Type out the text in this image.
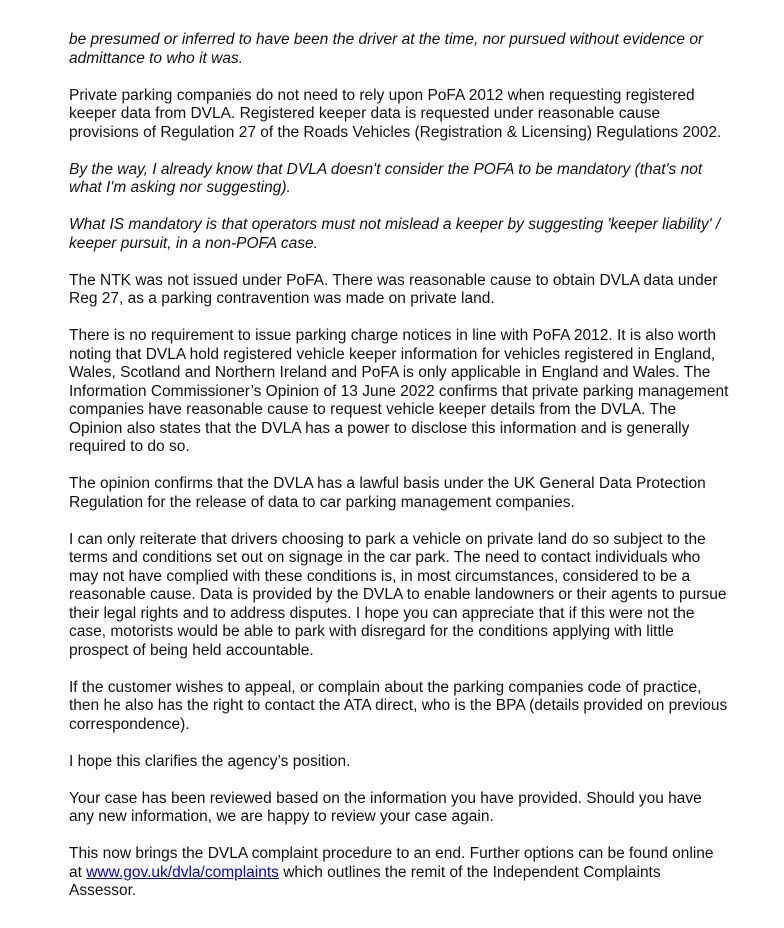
be presumed or inferred to have been the driver at the time, nor pursued without evidence or admittance to who it was.

Private parking companies do not need to rely upon PoFA 2012 when requesting registered keeper data from DVLA. Registered keeper data is requested under reasonable cause provisions of Regulation 27 of the Roads Vehicles (Registration & Licensing) Regulations 2002.

By the way, I already know that DVLA doesn't consider the POFA to be mandatory (that's not what I'm asking nor suggesting).

What IS mandatory is that operators must not mislead a keeper by suggesting 'keeper liability' / keeper pursuit, in a non-POFA case.

The NTK was not issued under PoFA. There was reasonable cause to obtain DVLA data under Reg 27, as a parking contravention was made on private land.

There is no requirement to issue parking charge notices in line with PoFA 2012. It is also worth noting that DVLA hold registered vehicle keeper information for vehicles registered in England, Wales, Scotland and Northern Ireland and PoFA is only applicable in England and Wales. The Information Commissioner’s Opinion of 13 June 2022 confirms that private parking management companies have reasonable cause to request vehicle keeper details from the DVLA. The Opinion also states that the DVLA has a power to disclose this information and is generally required to do so.

The opinion confirms that the DVLA has a lawful basis under the UK General Data Protection Regulation for the release of data to car parking management companies.

I can only reiterate that drivers choosing to park a vehicle on private land do so subject to the terms and conditions set out on signage in the car park. The need to contact individuals who may not have complied with these conditions is, in most circumstances, considered to be a reasonable cause. Data is provided by the DVLA to enable landowners or their agents to pursue their legal rights and to address disputes. I hope you can appreciate that if this were not the case, motorists would be able to park with disregard for the conditions applying with little prospect of being held accountable.

If the customer wishes to appeal, or complain about the parking companies code of practice, then he also has the right to contact the ATA direct, who is the BPA (details provided on previous correspondence).

I hope this clarifies the agency’s position.

Your case has been reviewed based on the information you have provided. Should you have any new information, we are happy to review your case again.

This now brings the DVLA complaint procedure to an end. Further options can be found online at www.gov.uk/dvla/complaints which outlines the remit of the Independent Complaints Assessor.
